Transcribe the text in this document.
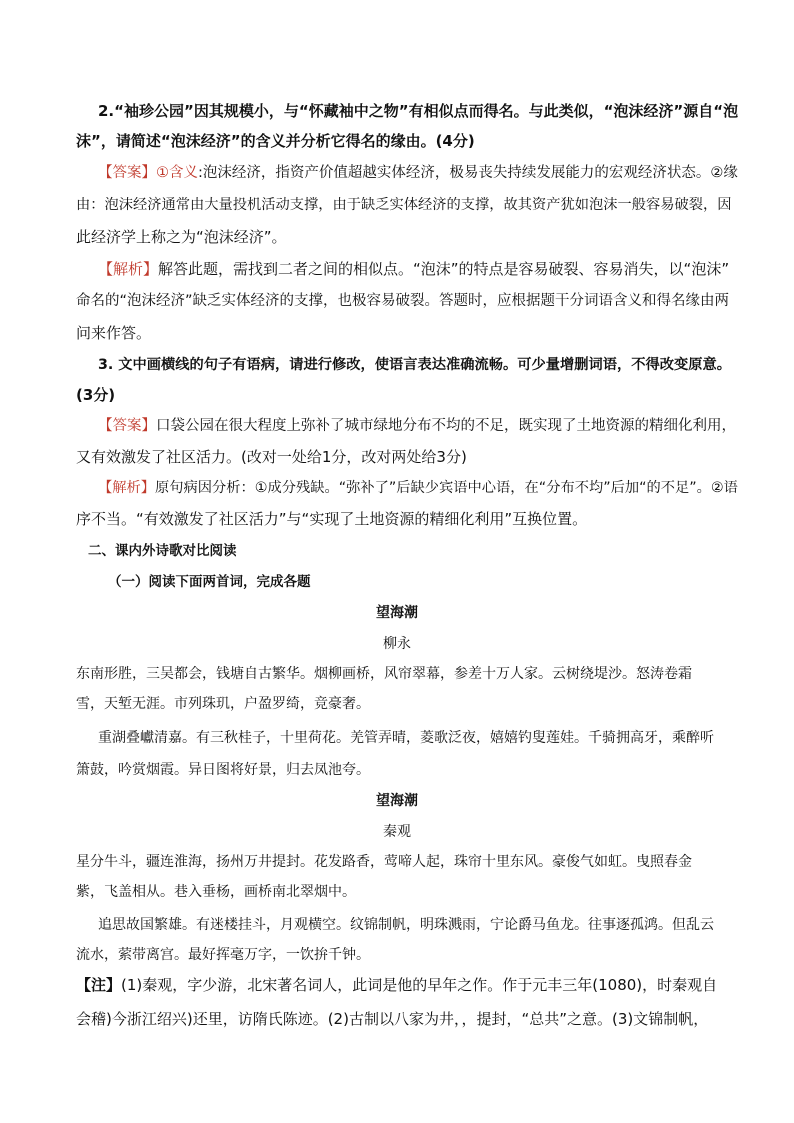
2.“袖珍公园”因其规模小，与“怀藏袖中之物”有相似点而得名。与此类似，“泡沫经济”源自“泡
沫”，请简述“泡沫经济”的含义并分析它得名的缘由。(4分)
【答案】①含义:泡沫经济，指资产价值超越实体经济，极易丧失持续发展能力的宏观经济状态。②缘
由：泡沫经济通常由大量投机活动支撑，由于缺乏实体经济的支撑，故其资产犹如泡沫一般容易破裂，因
此经济学上称之为“泡沫经济”。
【解析】解答此题，需找到二者之间的相似点。“泡沫”的特点是容易破裂、容易消失，以“泡沫”
命名的“泡沫经济”缺乏实体经济的支撑，也极容易破裂。答题时，应根据题干分词语含义和得名缘由两
问来作答。
3. 文中画横线的句子有语病，请进行修改，使语言表达准确流畅。可少量增删词语，不得改变原意。
(3分)
【答案】口袋公园在很大程度上弥补了城市绿地分布不均的不足，既实现了土地资源的精细化利用，
又有效激发了社区活力。(改对一处给1分，改对两处给3分)
【解析】原句病因分析：①成分残缺。“弥补了”后缺少宾语中心语，在“分布不均”后加“的不足”。②语
序不当。“有效激发了社区活力”与“实现了土地资源的精细化利用”互换位置。
二、课内外诗歌对比阅读
（一）阅读下面两首词，完成各题
望海潮
柳永
东南形胜，三吴都会，钱塘自古繁华。烟柳画桥，风帘翠幕，参差十万人家。云树绕堤沙。怒涛卷霜
雪，天堑无涯。市列珠玑，户盈罗绮，竞豪奢。
重湖叠巘清嘉。有三秋桂子，十里荷花。羌管弄晴，菱歌泛夜，嬉嬉钓叟莲娃。千骑拥高牙，乘醉听
箫鼓，吟赏烟霞。异日图将好景，归去凤池夸。
望海潮
秦观
星分牛斗，疆连淮海，扬州万井提封。花发路香，莺啼人起，珠帘十里东风。豪俊气如虹。曳照春金
紫，飞盖相从。巷入垂杨，画桥南北翠烟中。
追思故国繁雄。有迷楼挂斗，月观横空。纹锦制帆，明珠溅雨，宁论爵马鱼龙。往事逐孤鸿。但乱云
流水，萦带离宫。最好挥毫万字，一饮拚千钟。
【注】(1)秦观，字少游，北宋著名词人，此词是他的早年之作。作于元丰三年(1080)，时秦观自
会稽)今浙江绍兴)还里，访隋氏陈迹。(2)古制以八家为井，，提封，“总共”之意。(3)文锦制帆，
